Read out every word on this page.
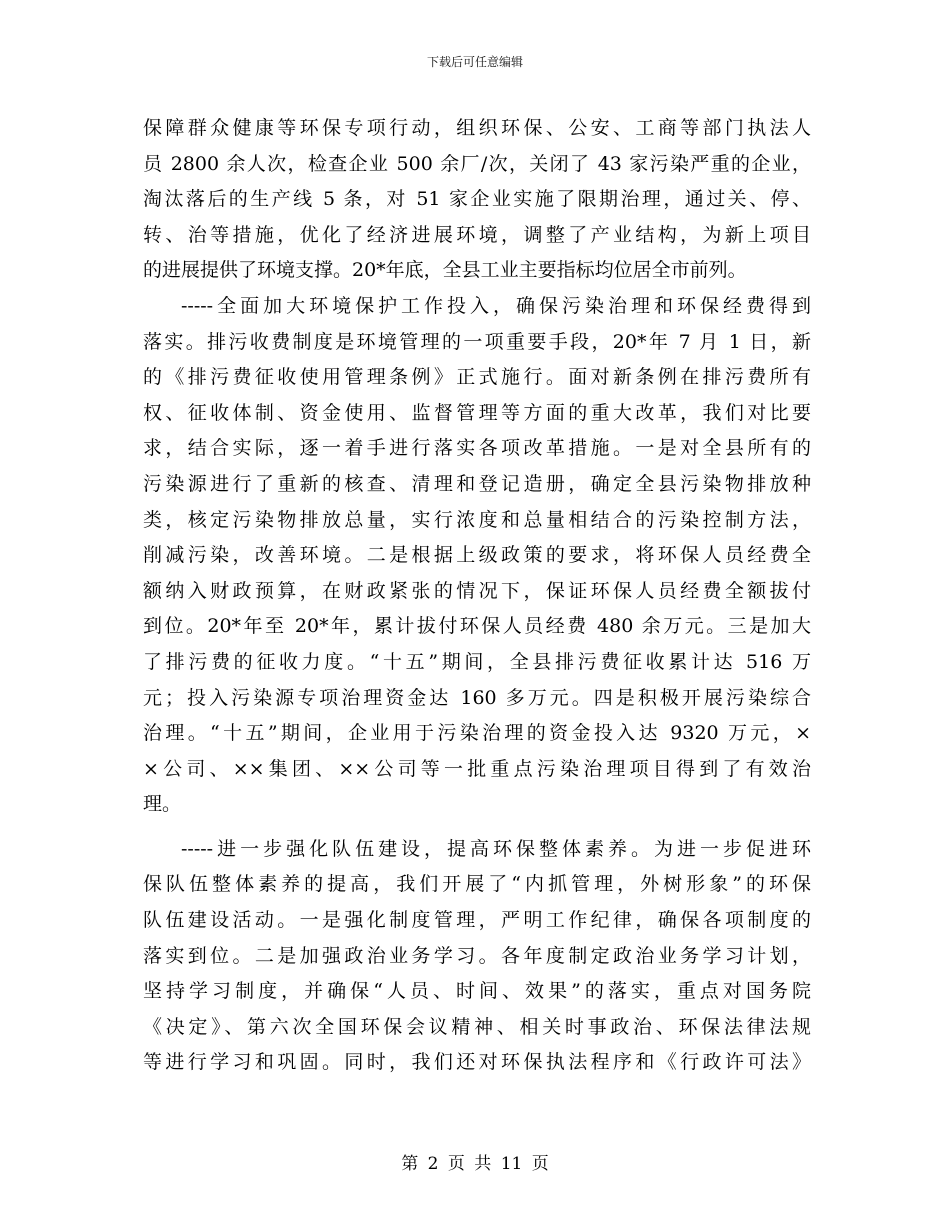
下载后可任意编辑
保障群众健康等环保专项行动，组织环保、公安、工商等部门执法人
员 2800 余人次，检查企业 500 余厂/次，关闭了 43 家污染严重的企业，
淘汰落后的生产线 5 条，对 51 家企业实施了限期治理，通过关、停、
转、治等措施，优化了经济进展环境，调整了产业结构，为新上项目
的进展提供了环境支撑。20*年底，全县工业主要指标均位居全市前列。
-----全面加大环境保护工作投入，确保污染治理和环保经费得到
落实。排污收费制度是环境管理的一项重要手段，20*年 7 月 1 日，新
的《排污费征收使用管理条例》正式施行。面对新条例在排污费所有
权、征收体制、资金使用、监督管理等方面的重大改革，我们对比要
求，结合实际，逐一着手进行落实各项改革措施。一是对全县所有的
污染源进行了重新的核查、清理和登记造册，确定全县污染物排放种
类，核定污染物排放总量，实行浓度和总量相结合的污染控制方法，
削减污染，改善环境。二是根据上级政策的要求，将环保人员经费全
额纳入财政预算，在财政紧张的情况下，保证环保人员经费全额拔付
到位。20*年至 20*年，累计拔付环保人员经费 480 余万元。三是加大
了排污费的征收力度。“十五”期间，全县排污费征收累计达 516 万
元；投入污染源专项治理资金达 160 多万元。四是积极开展污染综合
治理。“十五”期间，企业用于污染治理的资金投入达 9320 万元，×
×公司、××集团、××公司等一批重点污染治理项目得到了有效治
理。
-----进一步强化队伍建设，提高环保整体素养。为进一步促进环
保队伍整体素养的提高，我们开展了“内抓管理，外树形象”的环保
队伍建设活动。一是强化制度管理，严明工作纪律，确保各项制度的
落实到位。二是加强政治业务学习。各年度制定政治业务学习计划，
坚持学习制度，并确保“人员、时间、效果”的落实，重点对国务院
《决定》、第六次全国环保会议精神、相关时事政治、环保法律法规
等进行学习和巩固。同时，我们还对环保执法程序和《行政许可法》
第 2 页 共 11 页
